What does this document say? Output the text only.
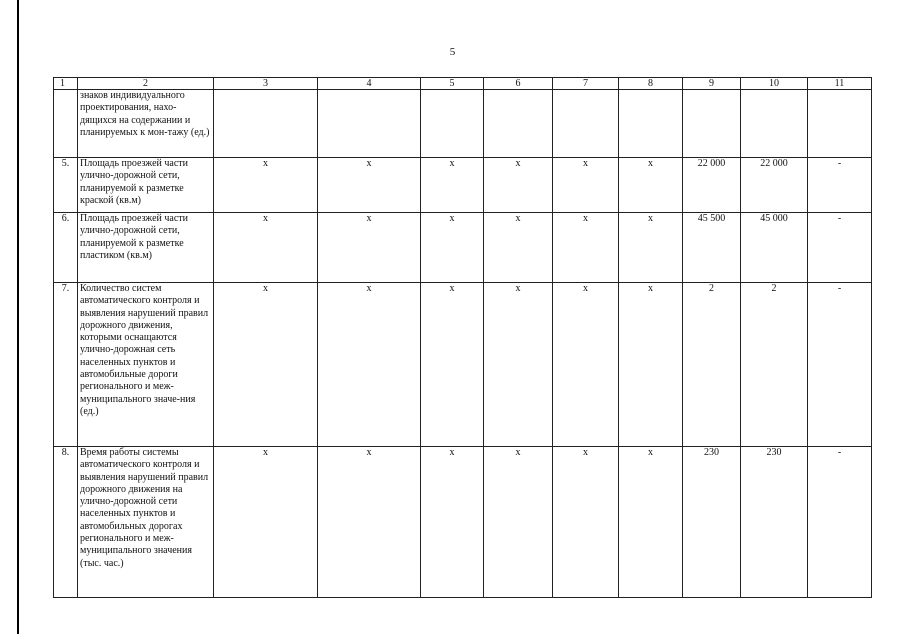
5
1	2	3	4	5	6	7	8	9	10	11
	знаков индивидуального проектирования, нахо-дящихся на содержании и планируемых к мон-тажу (ед.)									
5.	Площадь проезжей части улично-дорожной сети, планируемой к разметке краской (кв.м)	x	x	x	x	x	x	22 000	22 000	-
6.	Площадь проезжей части улично-дорожной сети, планируемой к разметке пластиком (кв.м)	x	x	x	x	x	x	45 500	45 000	-
7.	Количество систем автоматического контроля и выявления нарушений правил дорожного движения, которыми оснащаются улично-дорожная сеть населенных пунктов и автомобильные дороги регионального и меж-муниципального значе-ния (ед.)	x	x	x	x	x	x	2	2	-
8.	Время работы системы автоматического контроля и выявления нарушений правил дорожного движения на улично-дорожной сети населенных пунктов и автомобильных дорогах регионального и меж-муниципального значения (тыс. час.)	x	x	x	x	x	x	230	230	-
